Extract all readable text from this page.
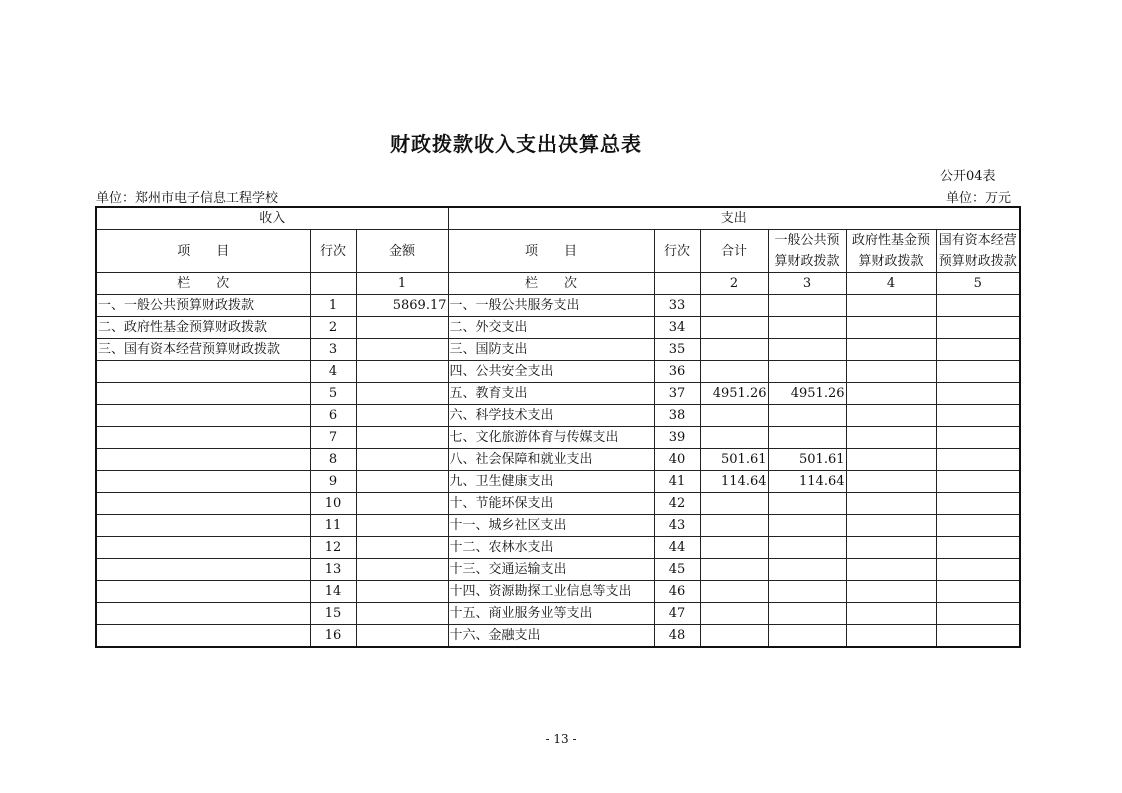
财政拨款收入支出决算总表
公开04表
单位：郑州市电子信息工程学校	单位：万元
收入			支出					
项　　目	行次	金额	项　　目	行次	合计	一般公共预算财政拨款	政府性基金预算财政拨款	国有资本经营预算财政拨款
栏　　次		1	栏　　次		2	3	4	5
一、一般公共预算财政拨款	1	5869.17	一、一般公共服务支出	33				
二、政府性基金预算财政拨款	2		二、外交支出	34				
三、国有资本经营预算财政拨款	3		三、国防支出	35				
	4		四、公共安全支出	36				
	5		五、教育支出	37	4951.26	4951.26		
	6		六、科学技术支出	38				
	7		七、文化旅游体育与传媒支出	39				
	8		八、社会保障和就业支出	40	501.61	501.61		
	9		九、卫生健康支出	41	114.64	114.64		
	10		十、节能环保支出	42				
	11		十一、城乡社区支出	43				
	12		十二、农林水支出	44				
	13		十三、交通运输支出	45				
	14		十四、资源勘探工业信息等支出	46				
	15		十五、商业服务业等支出	47				
	16		十六、金融支出	48				
- 13 -
